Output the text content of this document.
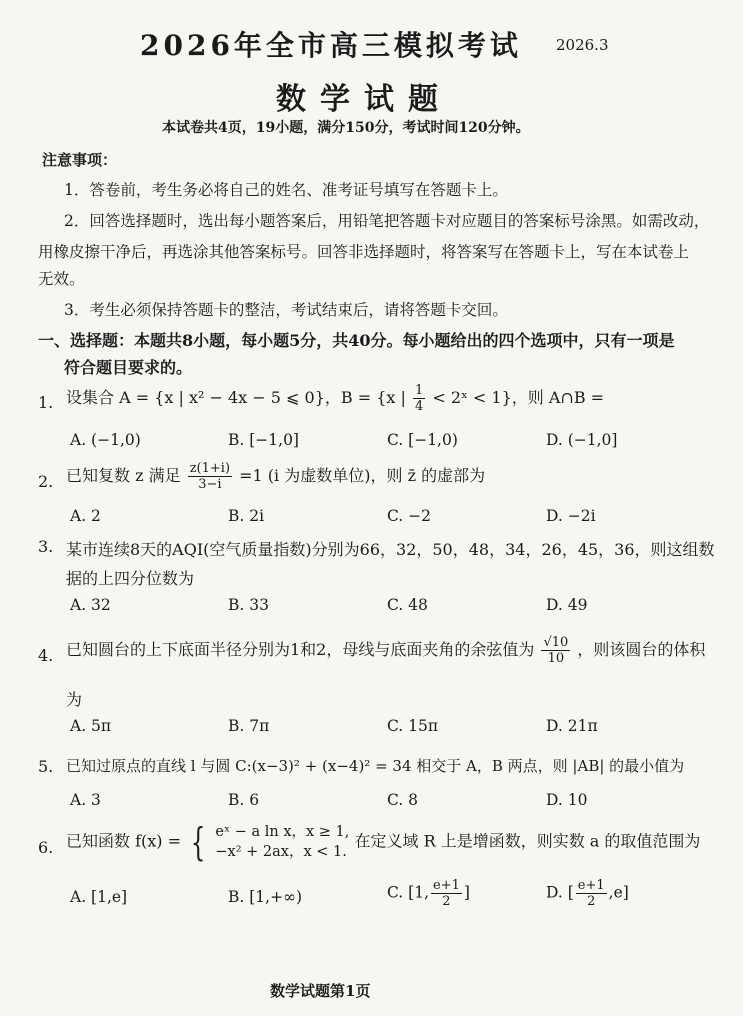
2026年全市高三模拟考试 2026.3
数学试题
本试卷共4页，19小题，满分150分，考试时间120分钟。
注意事项：
1．答卷前，考生务必将自己的姓名、准考证号填写在答题卡上。
2．回答选择题时，选出每小题答案后，用铅笔把答题卡对应题目的答案标号涂黑。如需改动，
用橡皮擦干净后，再选涂其他答案标号。回答非选择题时，将答案写在答题卡上，写在本试卷上
无效。
3．考生必须保持答题卡的整洁，考试结束后，请将答题卡交回。
一、选择题：本题共8小题，每小题5分，共40分。每小题给出的四个选项中，只有一项是
符合题目要求的。
1. 设集合 A = {x | x² − 4x − 5 ⩽ 0}，B = {x | $\frac{1}{4}$ < 2ˣ < 1}，则 A∩B =
A. (−1,0)	B. [−1,0]	C. [−1,0)	D. (−1,0]
2. 已知复数 z 满足 $\frac{z(1+i)}{3-i} =1$ (i 为虚数单位)，则 z̄ 的虚部为
A. 2	B. 2i	C. −2	D. −2i
3. 某市连续8天的AQI(空气质量指数)分别为66，32，50，48，34，26，45，36，则这组数
据的上四分位数为
A. 32	B. 33	C. 48	D. 49
4. 已知圆台的上下底面半径分别为1和2，母线与底面夹角的余弦值为 $\frac{√10}{10}$ ，则该圆台的体积
为
A. 5π	B. 7π	C. 15π	D. 21π
5. 已知过原点的直线 l 与圆 C:(x−3)² + (x−4)² = 34 相交于 A，B 两点，则 |AB| 的最小值为
A. 3	B. 6	C. 8	D. 10
6. 已知函数 f(x) = { eˣ − a ln x，x ≥ 1,
−x² + 2ax，x < 1.
在定义域 R 上是增函数，则实数 a 的取值范围为
A. [1,e]	B. [1,+∞)	C. [1, $\frac{e+1}{2}$ ]	D. [ $\frac{e+1}{2} ,e$]
数学试题第1页
